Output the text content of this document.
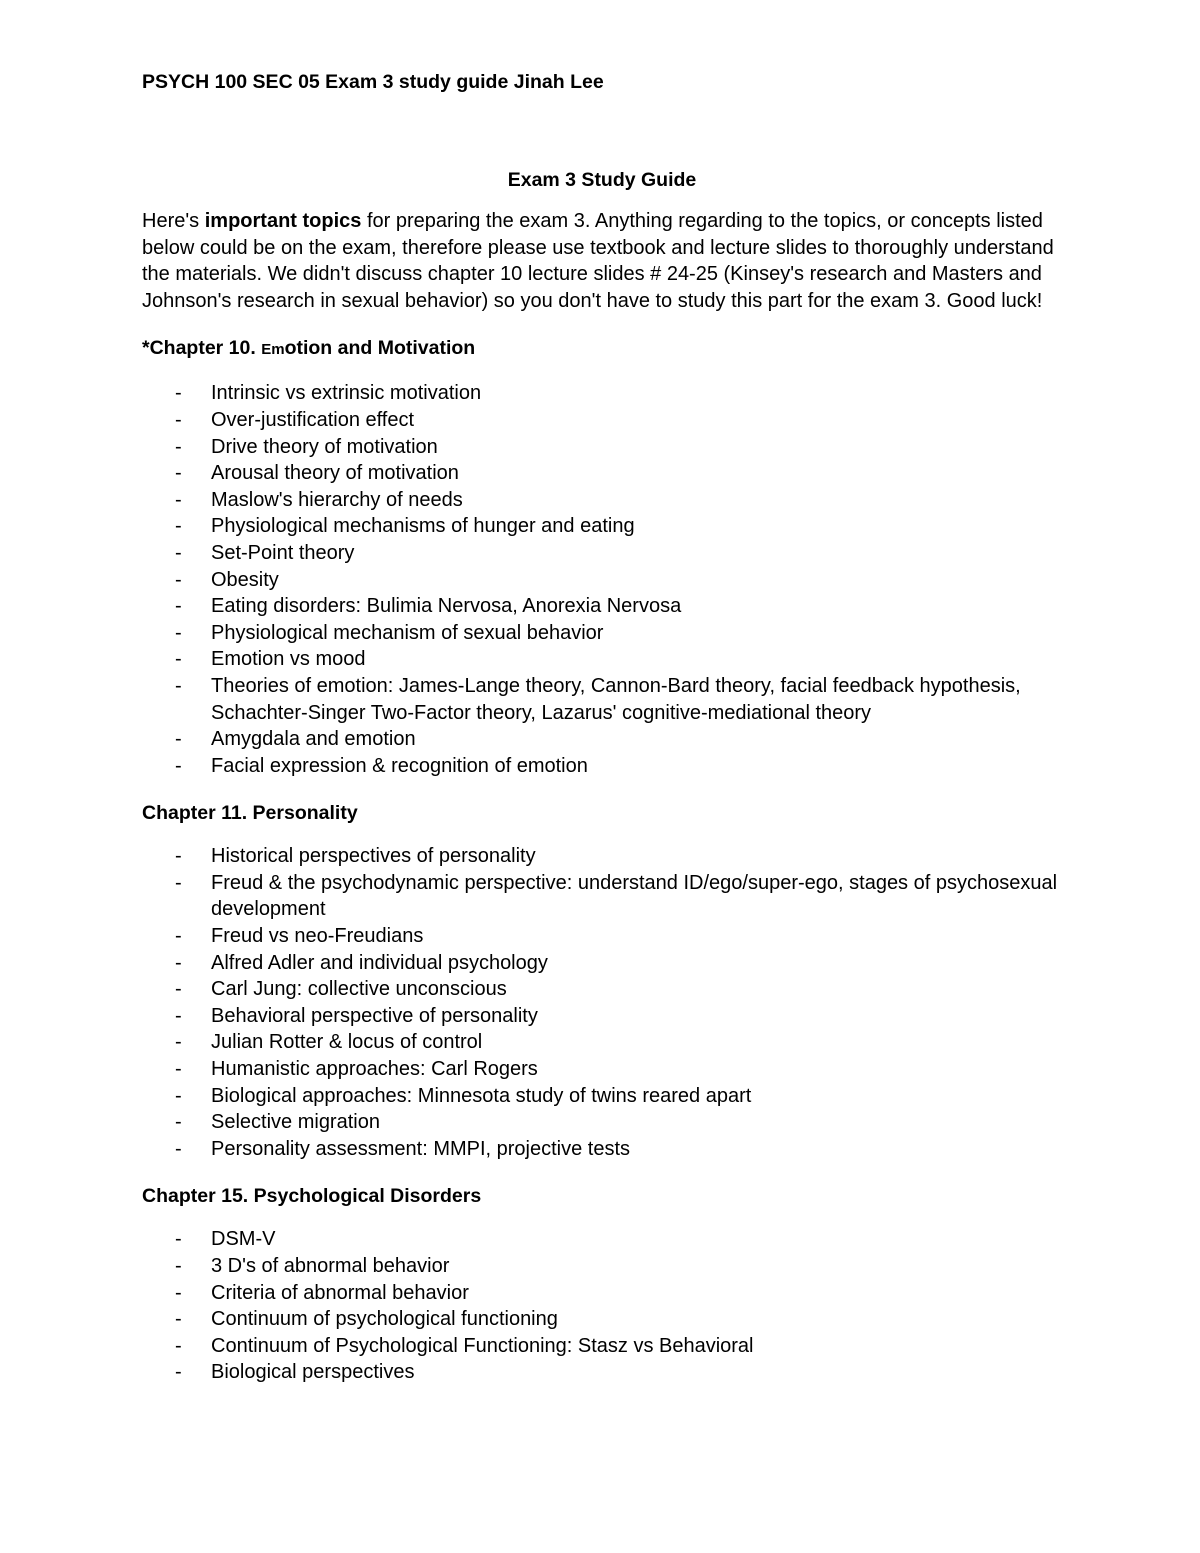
PSYCH 100 SEC 05 Exam 3 study guide Jinah Lee

Exam 3 Study Guide

Here's important topics for preparing the exam 3. Anything regarding to the topics, or concepts listed below could be on the exam, therefore please use textbook and lecture slides to thoroughly understand the materials. We didn't discuss chapter 10 lecture slides # 24-25 (Kinsey's research and Masters and Johnson's research in sexual behavior) so you don't have to study this part for the exam 3. Good luck!

*Chapter 10. Emotion and Motivation

- Intrinsic vs extrinsic motivation
- Over-justification effect
- Drive theory of motivation
- Arousal theory of motivation
- Maslow's hierarchy of needs
- Physiological mechanisms of hunger and eating
- Set-Point theory
- Obesity
- Eating disorders: Bulimia Nervosa, Anorexia Nervosa
- Physiological mechanism of sexual behavior
- Emotion vs mood
- Theories of emotion: James-Lange theory, Cannon-Bard theory, facial feedback hypothesis, Schachter-Singer Two-Factor theory, Lazarus' cognitive-mediational theory
- Amygdala and emotion
- Facial expression & recognition of emotion

Chapter 11. Personality

- Historical perspectives of personality
- Freud & the psychodynamic perspective: understand ID/ego/super-ego, stages of psychosexual development
- Freud vs neo-Freudians
- Alfred Adler and individual psychology
- Carl Jung: collective unconscious
- Behavioral perspective of personality
- Julian Rotter & locus of control
- Humanistic approaches: Carl Rogers
- Biological approaches: Minnesota study of twins reared apart
- Selective migration
- Personality assessment: MMPI, projective tests

Chapter 15. Psychological Disorders

- DSM-V
- 3 D's of abnormal behavior
- Criteria of abnormal behavior
- Continuum of psychological functioning
- Continuum of Psychological Functioning: Stasz vs Behavioral
- Biological perspectives
